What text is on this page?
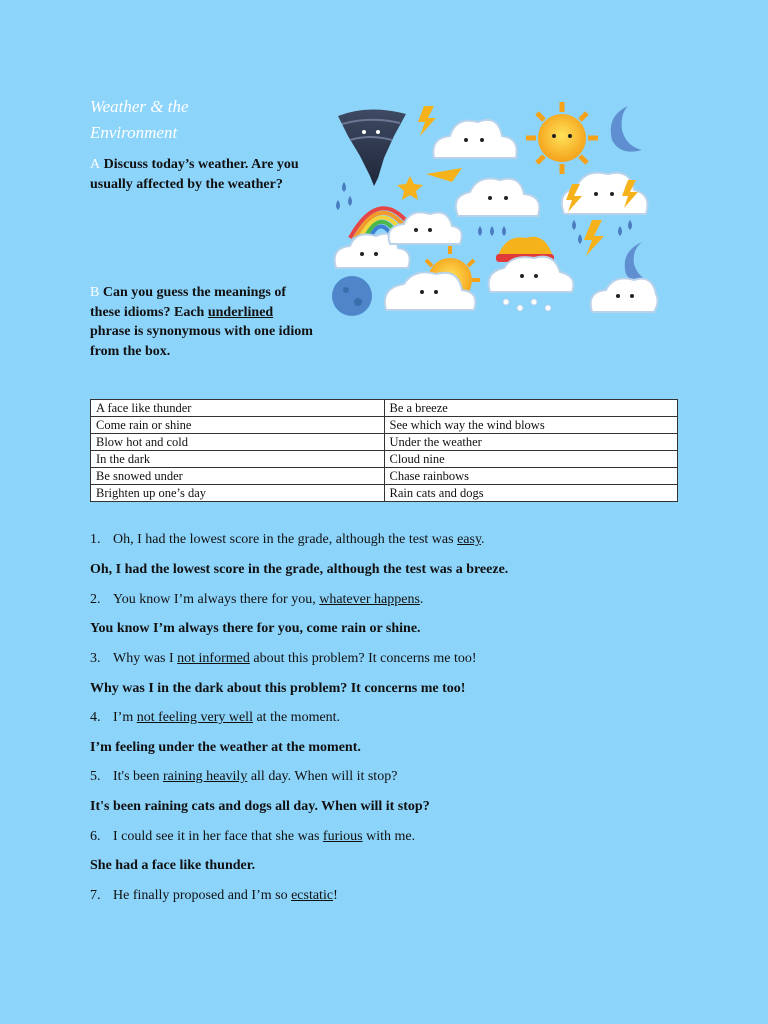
Weather & the
Environment

A Discuss today’s weather. Are you usually affected by the weather?

B Can you guess the meanings of these idioms? Each underlined phrase is synonymous with one idiom from the box.

A face like thunder	Be a breeze
Come rain or shine	See which way the wind blows
Blow hot and cold	Under the weather
In the dark	Cloud nine
Be snowed under	Chase rainbows
Brighten up one’s day	Rain cats and dogs

1. Oh, I had the lowest score in the grade, although the test was easy.

Oh, I had the lowest score in the grade, although the test was a breeze.

2. You know I’m always there for you, whatever happens.

You know I’m always there for you, come rain or shine.

3. Why was I not informed about this problem? It concerns me too!

Why was I in the dark about this problem? It concerns me too!

4. I’m not feeling very well at the moment.

I’m feeling under the weather at the moment.

5. It's been raining heavily all day. When will it stop?

It's been raining cats and dogs all day. When will it stop?

6. I could see it in her face that she was furious with me.

She had a face like thunder.

7. He finally proposed and I’m so ecstatic!
